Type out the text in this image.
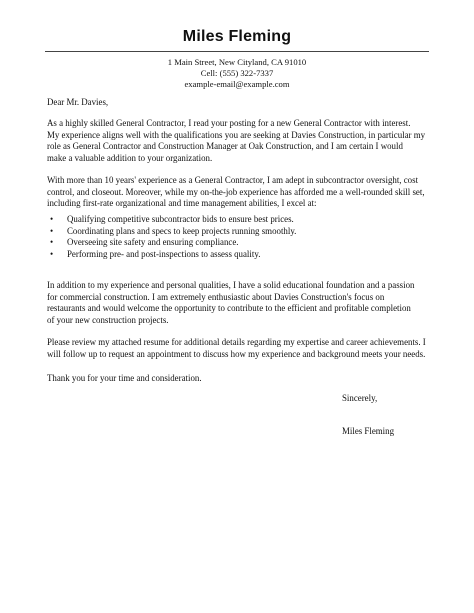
Miles Fleming
1 Main Street, New Cityland, CA 91010
Cell: (555) 322-7337
example-email@example.com
Dear Mr. Davies,
As a highly skilled General Contractor, I read your posting for a new General Contractor with interest.
My experience aligns well with the qualifications you are seeking at Davies Construction, in particular my
role as General Contractor and Construction Manager at Oak Construction, and I am certain I would
make a valuable addition to your organization.
With more than 10 years' experience as a General Contractor, I am adept in subcontractor oversight, cost
control, and closeout. Moreover, while my on-the-job experience has afforded me a well-rounded skill set,
including first-rate organizational and time management abilities, I excel at:
• Qualifying competitive subcontractor bids to ensure best prices.
• Coordinating plans and specs to keep projects running smoothly.
• Overseeing site safety and ensuring compliance.
• Performing pre- and post-inspections to assess quality.
In addition to my experience and personal qualities, I have a solid educational foundation and a passion
for commercial construction. I am extremely enthusiastic about Davies Construction's focus on
restaurants and would welcome the opportunity to contribute to the efficient and profitable completion
of your new construction projects.
Please review my attached resume for additional details regarding my expertise and career achievements. I
will follow up to request an appointment to discuss how my experience and background meets your needs.
Thank you for your time and consideration.
Sincerely,
Miles Fleming
